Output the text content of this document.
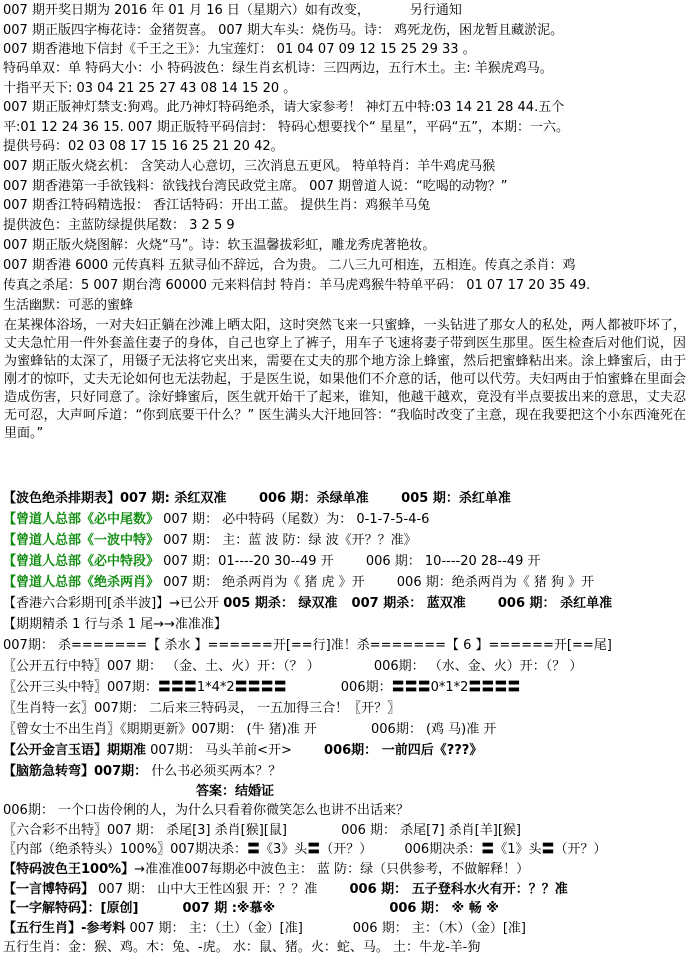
007 期开奖日期为 2016 年 01 月 16 日（星期六）如有改变，	另行通知
007 期正版四字梅花诗：金猪贺喜。 007 期大车头：烧伤马。诗： 鸡死龙伤，困龙暂且藏淤泥。
007 期香港地下信封《千王之王》：九宝莲灯： 01 04 07 09 12 15 25 29 33 。
特码单双：单 特码大小：小 特码波色：绿生肖玄机诗：三四两边，五行木土。主: 羊猴虎鸡马。
十指平天下: 03 04 21 25 27 43 08 14 15 20 。
007 期正版神灯禁支:狗鸡。此乃神灯特码绝杀，请大家参考！ 神灯五中特:03 14 21 28 44.五个
平:01 12 24 36 15. 007 期正版特平码信封： 特码心想要找个“ 星星”，平码“五”，本期：一六。
提供号码：02 03 08 17 15 16 25 21 20 42。
007 期正版火烧玄机： 含笑动人心意切，三次消息五更风。 特单特肖：羊牛鸡虎马猴
007 期香港第一手欲钱料：欲钱找台湾民政党主席。 007 期曾道人说：“吃喝的动物？”
007 期香江特码精选报： 香江话特码：开出工蓝。 提供生肖：鸡猴羊马兔
提供波色：主蓝防绿提供尾数： 3 2 5 9
007 期正版火烧图解：火烧“马”。诗：软玉温馨拔彩虹，雕龙秀虎著艳妆。
007 期香港 6000 元传真料 五狱寻仙不辞远，合为贵。 二八三九可相连，五相连。传真之杀肖：鸡
传真之杀尾：5 007 期台湾 60000 元来料信封 特肖：羊马虎鸡猴牛特单平码： 01 07 17 20 35 49.
生活幽默：可恶的蜜蜂
在某裸体浴场，一对夫妇正躺在沙滩上晒太阳，这时突然飞来一只蜜蜂，一头钻进了那女人的私处，两人都被吓坏了，丈夫急忙用一件外套盖住妻子的身体，自己也穿上了裤子，用车子飞速将妻子带到医生那里。医生检查后对他们说，因为蜜蜂钻的太深了，用镊子无法将它夹出来，需要在丈夫的那个地方涂上蜂蜜，然后把蜜蜂粘出来。涂上蜂蜜后，由于刚才的惊吓，丈夫无论如何也无法勃起，于是医生说，如果他们不介意的话，他可以代劳。夫妇两由于怕蜜蜂在里面会造成伤害，只好同意了。涂好蜂蜜后，医生就开始干了起来，谁知，他越干越欢，竟没有半点要拔出来的意思，丈夫忍无可忍，大声呵斥道：“你到底要干什么？” 医生满头大汗地回答：“我临时改变了主意，现在我要把这个小东西淹死在里面。”
【波色绝杀排期表】007 期: 杀红双准	006 期：杀绿单准	005 期：杀红单准
【曾道人总部《必中尾数》 007 期： 必中特码（尾数）为： 0-1-7-5-4-6
【曾道人总部《一波中特》 007 期： 主：蓝 波 防：绿 波《开？？准》
【曾道人总部《必中特段》 007 期：01----20 30--49 开 006 期： 10----20 28--49 开
【曾道人总部《绝杀两肖》 007 期： 绝杀两肖为《 猪 虎 》开 006 期：绝杀两肖为《 猪 狗 》开
【香港六合彩期刊[杀半波]】→已公开 005 期杀： 绿双准 007 期杀： 蓝双准 006 期： 杀红单准
【期期精杀 1 行与杀 1 尾→→准准准】
007期： 杀=======【 杀水 】======开[==行]准！杀=======【 6 】======开[==尾]
〖公开五行中特〗007 期： （金、土、火）开：（？ ）	006期： （水、金、火）开：（？ ）
〖公开三头中特〗007期：〓〓〓1*4*2〓〓〓〓	006期：〓〓〓0*1*2〓〓〓〓
〖生肖特一玄〗007期： 二后来三特码灵， 一五加得三合！〖开？〗
〖曾女士不出生肖〗《期期更新》007期： (牛 猪)准 开	006期： (鸡 马)准 开
【公开金言玉语】期期准 007期： 马头羊前<开> 006期： 一前四后《???》
【脑筋急转弯】007期： 什么书必须买两本？？
答案：结婚证
006期： 一个口齿伶俐的人，为什么只看着你微笑怎么也讲不出话来？
〖六合彩不出特〗007 期： 杀尾[3] 杀肖[猴][鼠]	006 期： 杀尾[7] 杀肖[羊][猴]
〖内部（绝杀特头）100%〗007期决杀：〓《3》头〓（开？） 006期决杀：〓《1》头〓（开？）
【特码波色王100%】→准准准007每期必中波色主： 蓝 防：绿（只供参考，不做解释！）
【一言博特码】 007 期： 山中大王性凶狠 开：？？准 006 期： 五子登科水火有开：？？准
【一字解特码】：[原创]	007 期 :※慕※	006 期： ※ 畅 ※
【五行生肖】-参考料 007 期： 主：（土）（金）[准]	006 期： 主：（木）（金）[准]
五行生肖：金：猴、鸡。木：兔、-虎。 水：鼠、猪。火：蛇、马。 土：牛龙-羊-狗
